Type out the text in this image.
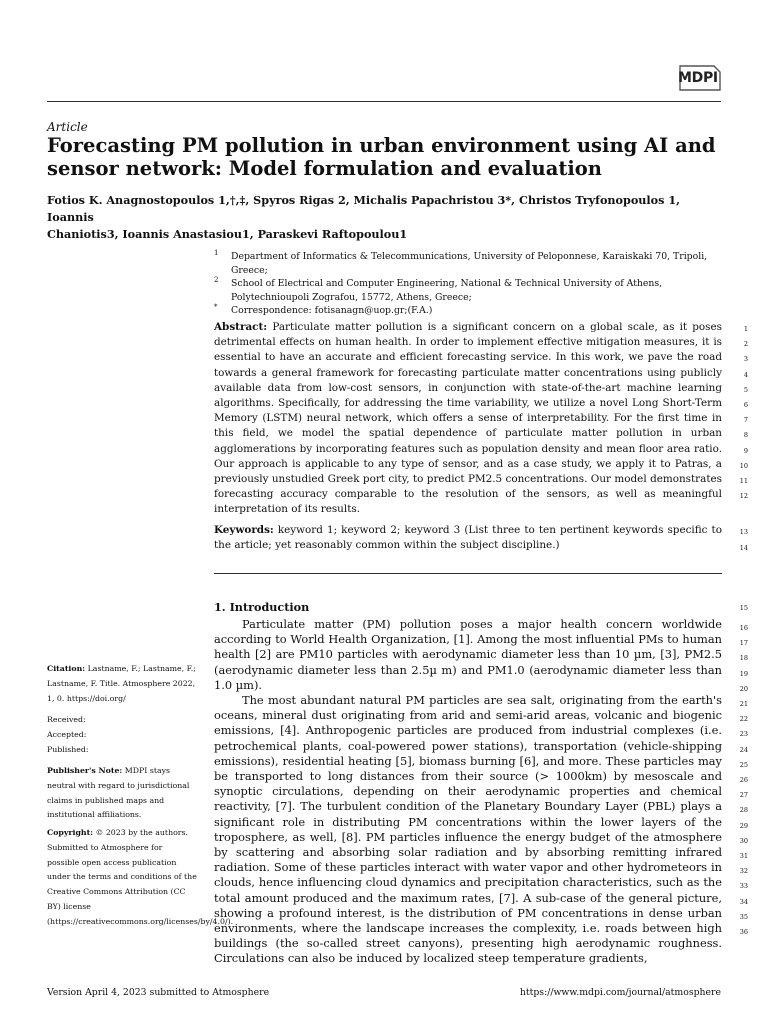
MDPI
Article
Forecasting PM pollution in urban environment using AI and sensor network: Model formulation and evaluation
Fotios K. Anagnostopoulos 1,†,‡, Spyros Rigas 2, Michalis Papachristou 3*, Christos Tryfonopoulos 1, Ioannis
Chaniotis3, Ioannis Anastasiou1, Paraskevi Raftopoulou1
1 Department of Informatics & Telecommunications, University of Peloponnese, Karaiskaki 70, Tripoli, Greece;
2 School of Electrical and Computer Engineering, National & Technical University of Athens, Polytechnioupoli Zografou, 15772, Athens, Greece;
* Correspondence: fotisanagn@uop.gr;(F.A.)
Abstract: Particulate matter pollution is a significant concern on a global scale, as it poses detrimental effects on human health. In order to implement effective mitigation measures, it is essential to have an accurate and efficient forecasting service. In this work, we pave the road towards a general framework for forecasting particulate matter concentrations using publicly available data from low-cost sensors, in conjunction with state-of-the-art machine learning algorithms. Specifically, for addressing the time variability, we utilize a novel Long Short-Term Memory (LSTM) neural network, which offers a sense of interpretability. For the first time in this field, we model the spatial dependence of particulate matter pollution in urban agglomerations by incorporating features such as population density and mean floor area ratio. Our approach is applicable to any type of sensor, and as a case study, we apply it to Patras, a previously unstudied Greek port city, to predict PM2.5 concentrations. Our model demonstrates forecasting accuracy comparable to the resolution of the sensors, as well as meaningful interpretation of its results.
Keywords: keyword 1; keyword 2; keyword 3 (List three to ten pertinent keywords specific to the article; yet reasonably common within the subject discipline.)
1. Introduction

Particulate matter (PM) pollution poses a major health concern worldwide according to World Health Organization, [1]. Among the most influential PMs to human health [2] are PM10 particles with aerodynamic diameter less than 10 µm, [3], PM2.5 (aerodynamic diameter less than 2.5µ m) and PM1.0 (aerodynamic diameter less than 1.0 µm).

The most abundant natural PM particles are sea salt, originating from the earth's oceans, mineral dust originating from arid and semi-arid areas, volcanic and biogenic emissions, [4]. Anthropogenic particles are produced from industrial complexes (i.e. petrochemical plants, coal-powered power stations), transportation (vehicle-shipping emissions), residential heating [5], biomass burning [6], and more. These particles may be transported to long distances from their source (> 1000km) by mesoscale and synoptic circulations, depending on their aerodynamic properties and chemical reactivity, [7]. The turbulent condition of the Planetary Boundary Layer (PBL) plays a significant role in distributing PM concentrations within the lower layers of the troposphere, as well, [8]. PM particles influence the energy budget of the atmosphere by scattering and absorbing solar radiation and by absorbing remitting infrared radiation. Some of these particles interact with water vapor and other hydrometeors in clouds, hence influencing cloud dynamics and precipitation characteristics, such as the total amount produced and the maximum rates, [7]. A sub-case of the general picture, showing a profound interest, is the distribution of PM concentrations in dense urban environments, where the landscape increases the complexity, i.e. roads between high buildings (the so-called street canyons), presenting high aerodynamic roughness. Circulations can also be induced by localized steep temperature gradients,

1
2
3
4
5
6
7
8
9
10
11
12
13
14
15
16
17
18
19
20
21
22
23
24
25
26
27
28
29
30
31
32
33
34
35
36
Citation: Lastname, F.; Lastname, F.; Lastname, F. Title. Atmosphere 2022, 1, 0. https://doi.org/
Received:
Accepted:
Published:
Publisher's Note: MDPI stays neutral with regard to jurisdictional claims in published maps and institutional affiliations.
Copyright: © 2023 by the authors. Submitted to Atmosphere for possible open access publication under the terms and conditions of the Creative Commons Attribution (CC BY) license (https://creativecommons.org/licenses/by/4.0/).
Version April 4, 2023 submitted to Atmosphere	https://www.mdpi.com/journal/atmosphere
